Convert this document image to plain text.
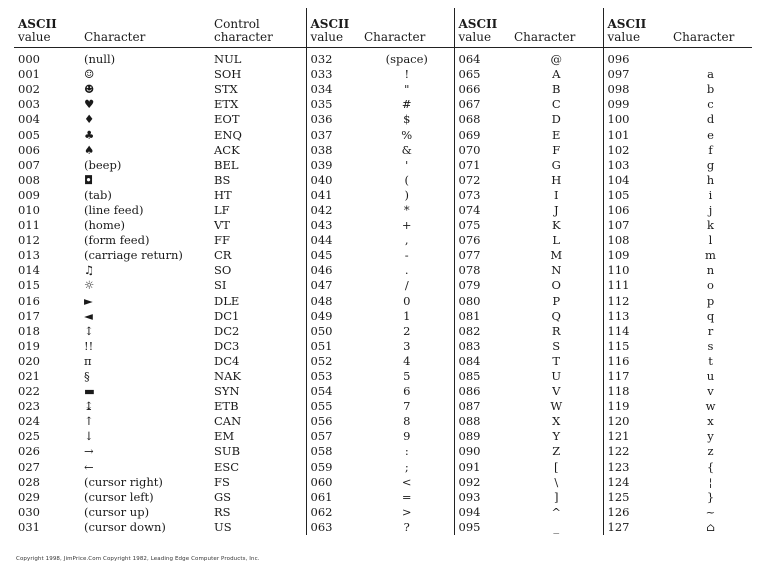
ASCII
value	Character	Control
character	ASCII
value	Character	ASCII
value	Character	ASCII
value	Character

000	(null)	NUL	032	(space)	064	@	096	
001	☺	SOH	033	!	065	A	097	a
002	☻	STX	034	"	066	B	098	b
003	♥	ETX	035	#	067	C	099	c
004	♦	EOT	036	$	068	D	100	d
005	♣	ENQ	037	%	069	E	101	e
006	♠	ACK	038	&	070	F	102	f
007	(beep)	BEL	039	'	071	G	103	g
008	◘	BS	040	(	072	H	104	h
009	(tab)	HT	041	)	073	I	105	i
010	(line feed)	LF	042	*	074	J	106	j
011	(home)	VT	043	+	075	K	107	k
012	(form feed)	FF	044	,	076	L	108	l
013	(carriage return)	CR	045	-	077	M	109	m
014	♫	SO	046	.	078	N	110	n
015	☼	SI	047	/	079	O	111	o
016	►	DLE	048	0	080	P	112	p
017	◄	DC1	049	1	081	Q	113	q
018	↕	DC2	050	2	082	R	114	r
019	!!	DC3	051	3	083	S	115	s
020	π	DC4	052	4	084	T	116	t
021	§	NAK	053	5	085	U	117	u
022	▬	SYN	054	6	086	V	118	v
023	↨	ETB	055	7	087	W	119	w
024	↑	CAN	056	8	088	X	120	x
025	↓	EM	057	9	089	Y	121	y
026	→	SUB	058	:	090	Z	122	z
027	←	ESC	059	;	091	[	123	{
028	(cursor right)	FS	060	<	092	\	124	¦
029	(cursor left)	GS	061	=	093	]	125	}
030	(cursor up)	RS	062	>	094	^	126	~
031	(cursor down)	US	063	?	095	_	127	⌂
Copyright 1998, JimPrice.Com Copyright 1982, Leading Edge Computer Products, Inc.
